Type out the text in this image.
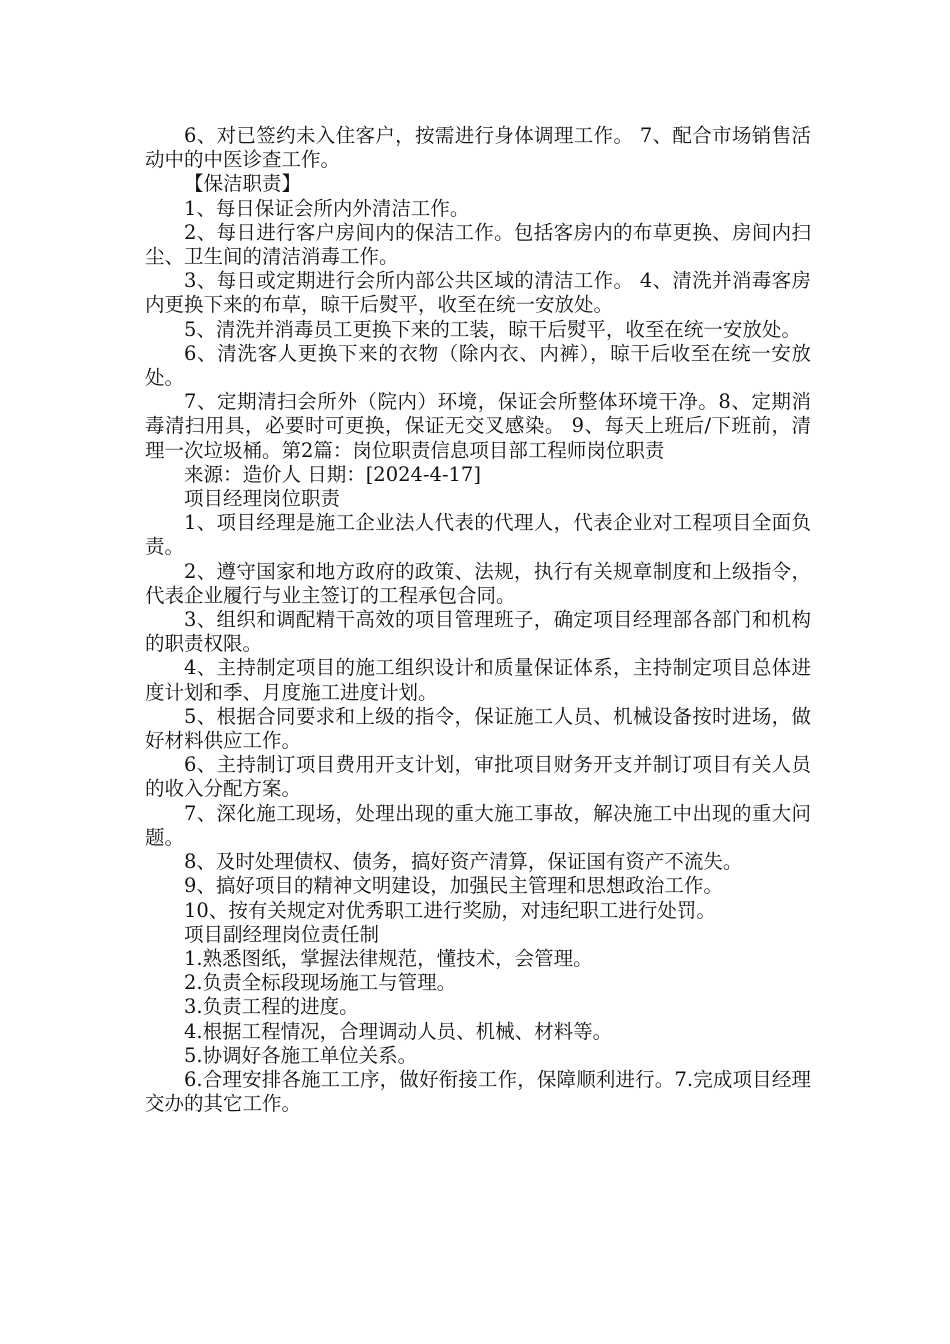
6、对已签约未入住客户，按需进行身体调理工作。 7、配合市场销售活动中的中医诊查工作。

【保洁职责】

1、每日保证会所内外清洁工作。

2、每日进行客户房间内的保洁工作。包括客房内的布草更换、房间内扫尘、卫生间的清洁消毒工作。

3、每日或定期进行会所内部公共区域的清洁工作。 4、清洗并消毒客房内更换下来的布草，晾干后熨平，收至在统一安放处。

5、清洗并消毒员工更换下来的工装，晾干后熨平，收至在统一安放处。

6、清洗客人更换下来的衣物（除内衣、内裤），晾干后收至在统一安放处。

7、定期清扫会所外（院内）环境，保证会所整体环境干净。8、定期消毒清扫用具，必要时可更换，保证无交叉感染。 9、每天上班后/下班前，清理一次垃圾桶。第2篇：岗位职责信息项目部工程师岗位职责

来源：造价人 日期：[2024-4-17]

项目经理岗位职责

1、项目经理是施工企业法人代表的代理人，代表企业对工程项目全面负责。

2、遵守国家和地方政府的政策、法规，执行有关规章制度和上级指令，代表企业履行与业主签订的工程承包合同。

3、组织和调配精干高效的项目管理班子，确定项目经理部各部门和机构的职责权限。

4、主持制定项目的施工组织设计和质量保证体系，主持制定项目总体进度计划和季、月度施工进度计划。

5、根据合同要求和上级的指令，保证施工人员、机械设备按时进场，做好材料供应工作。

6、主持制订项目费用开支计划，审批项目财务开支并制订项目有关人员的收入分配方案。

7、深化施工现场，处理出现的重大施工事故，解决施工中出现的重大问题。

8、及时处理债权、债务，搞好资产清算，保证国有资产不流失。

9、搞好项目的精神文明建设，加强民主管理和思想政治工作。

10、按有关规定对优秀职工进行奖励，对违纪职工进行处罚。

项目副经理岗位责任制

1.熟悉图纸，掌握法律规范，懂技术，会管理。

2.负责全标段现场施工与管理。

3.负责工程的进度。

4.根据工程情况，合理调动人员、机械、材料等。

5.协调好各施工单位关系。

6.合理安排各施工工序，做好衔接工作，保障顺利进行。7.完成项目经理交办的其它工作。
